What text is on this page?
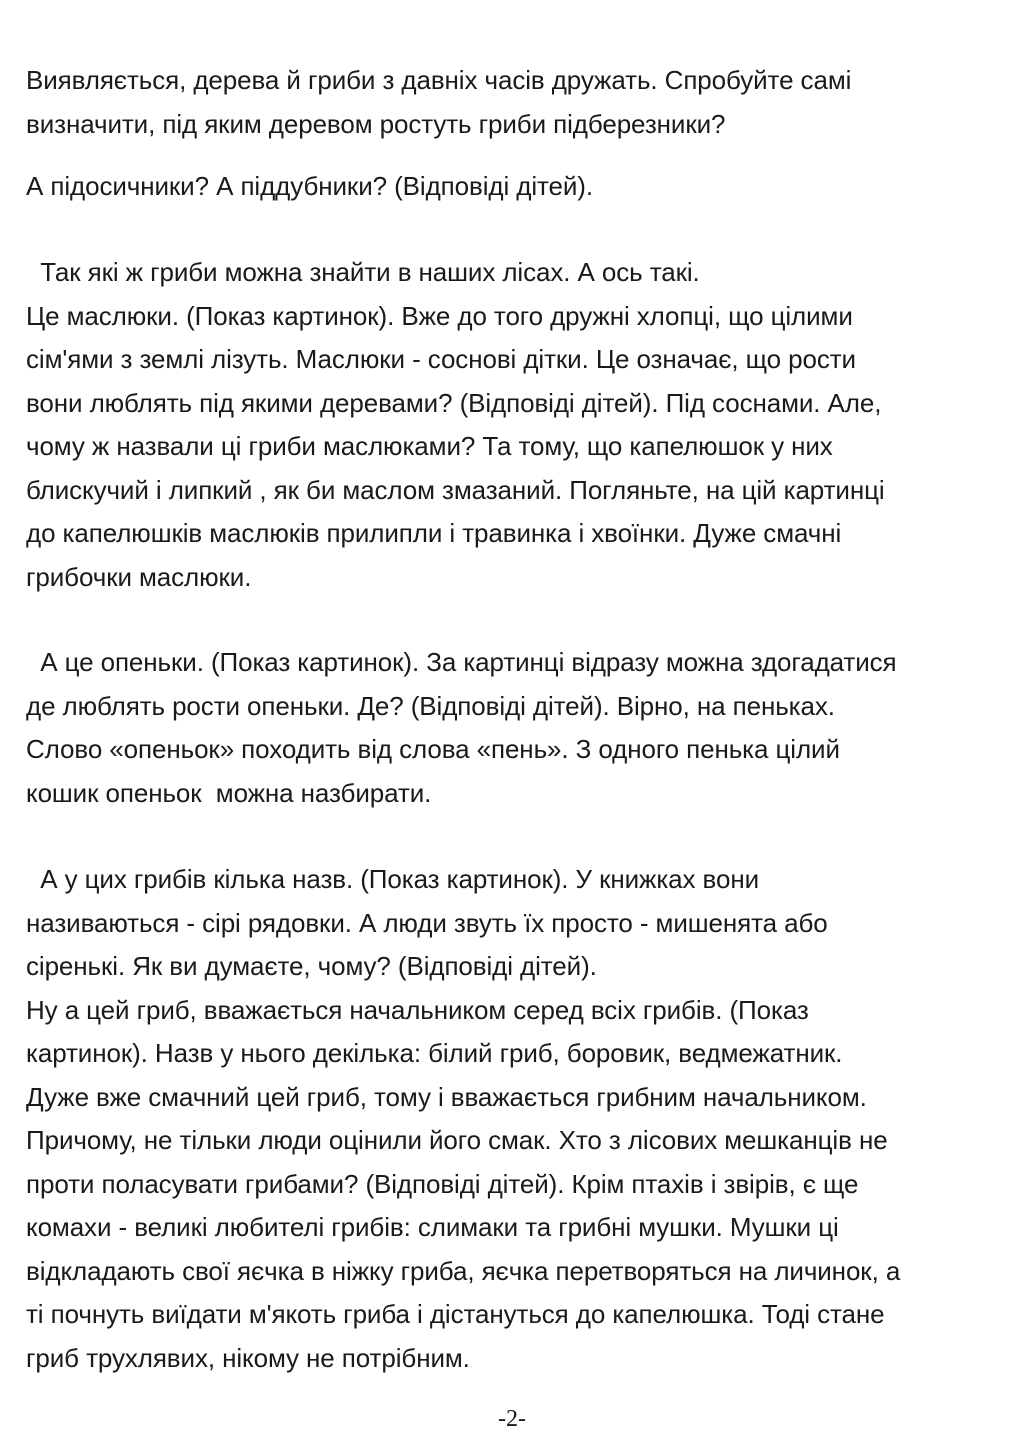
Виявляється, дерева й гриби з давніх часів дружать. Спробуйте самі
визначити, під яким деревом ростуть гриби підберезники?
А підосичники? А піддубники? (Відповіді дітей).
Так які ж гриби можна знайти в наших лісах. А ось такі.
Це маслюки. (Показ картинок). Вже до того дружні хлопці, що цілими
сім'ями з землі лізуть. Маслюки - соснові дітки. Це означає, що рости
вони люблять під якими деревами? (Відповіді дітей). Під соснами. Але,
чому ж назвали ці гриби маслюками? Та тому, що капелюшок у них
блискучий і липкий , як би маслом змазаний. Погляньте, на цій картинці
до капелюшків маслюків прилипли і травинка і хвоїнки. Дуже смачні
грибочки маслюки.
А це опеньки. (Показ картинок). За картинці відразу можна здогадатися
де люблять рости опеньки. Де? (Відповіді дітей). Вірно, на пеньках.
Слово «опеньок» походить від слова «пень». З одного пенька цілий
кошик опеньок  можна назбирати.
А у цих грибів кілька назв. (Показ картинок). У книжках вони
називаються - сірі рядовки. А люди звуть їх просто - мишенята або
сіренькі. Як ви думаєте, чому? (Відповіді дітей).
Ну а цей гриб, вважається начальником серед всіх грибів. (Показ
картинок). Назв у нього декілька: білий гриб, боровик, ведмежатник.
Дуже вже смачний цей гриб, тому і вважається грибним начальником.
Причому, не тільки люди оцінили його смак. Хто з лісових мешканців не
проти поласувати грибами? (Відповіді дітей). Крім птахів і звірів, є ще
комахи - великі любителі грибів: слимаки та грибні мушки. Мушки ці
відкладають свої яєчка в ніжку гриба, яєчка перетворяться на личинок, а
ті почнуть виїдати м'якоть гриба і дістануться до капелюшка. Тоді стане
гриб трухлявих, нікому не потрібним.
-2-
